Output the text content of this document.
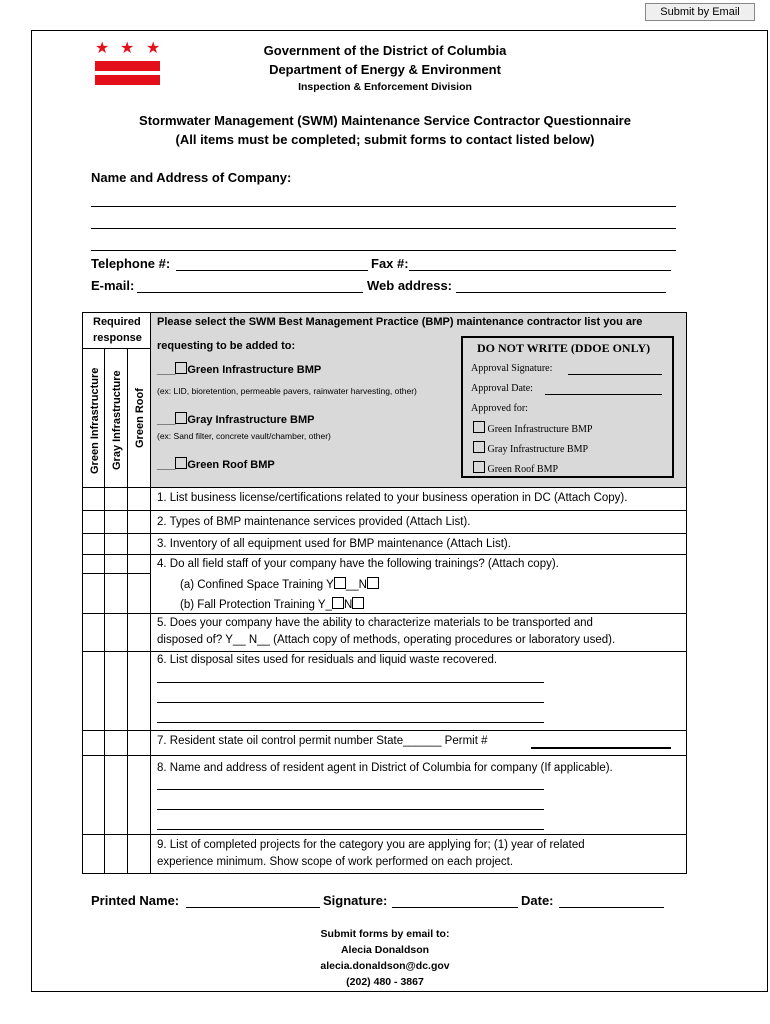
Submit by Email
★ ★ ★	Government of the District of Columbia
Department of Energy & Environment
Inspection & Enforcement Division
Stormwater Management (SWM) Maintenance Service Contractor Questionnaire
(All items must be completed; submit forms to contact listed below)
Name and Address of Company:
Telephone #:	Fax #:
E-mail:	Web address:
Required
response
Green Infrastructure Gray Infrastructure Green Roof
Please select the SWM Best Management Practice (BMP) maintenance contractor list you are
requesting to be added to:
___ Green Infrastructure BMP
(ex: LID, bioretention, permeable pavers, rainwater harvesting, other)
___ Gray Infrastructure BMP
(ex: Sand filter, concrete vault/chamber, other)
___ Green Roof BMP
DO NOT WRITE (DDOE ONLY)
Approval Signature:
Approval Date:
Approved for:
Green Infrastructure BMP
Gray Infrastructure BMP
Green Roof BMP
1. List business license/certifications related to your business operation in DC (Attach Copy).
2. Types of BMP maintenance services provided (Attach List).
3. Inventory of all equipment used for BMP maintenance (Attach List).
4. Do all field staff of your company have the following trainings? (Attach copy).
(a) Confined Space Training Y __N
(b) Fall Protection Training Y_ N
5. Does your company have the ability to characterize materials to be transported and
disposed of? Y__ N__ (Attach copy of methods, operating procedures or laboratory used).
6. List disposal sites used for residuals and liquid waste recovered.
7. Resident state oil control permit number State______ Permit #
8. Name and address of resident agent in District of Columbia for company (If applicable).
9. List of completed projects for the category you are applying for; (1) year of related
experience minimum. Show scope of work performed on each project.
Printed Name:	Signature:	Date:
Submit forms by email to:
Alecia Donaldson
alecia.donaldson@dc.gov
(202) 480 - 3867
